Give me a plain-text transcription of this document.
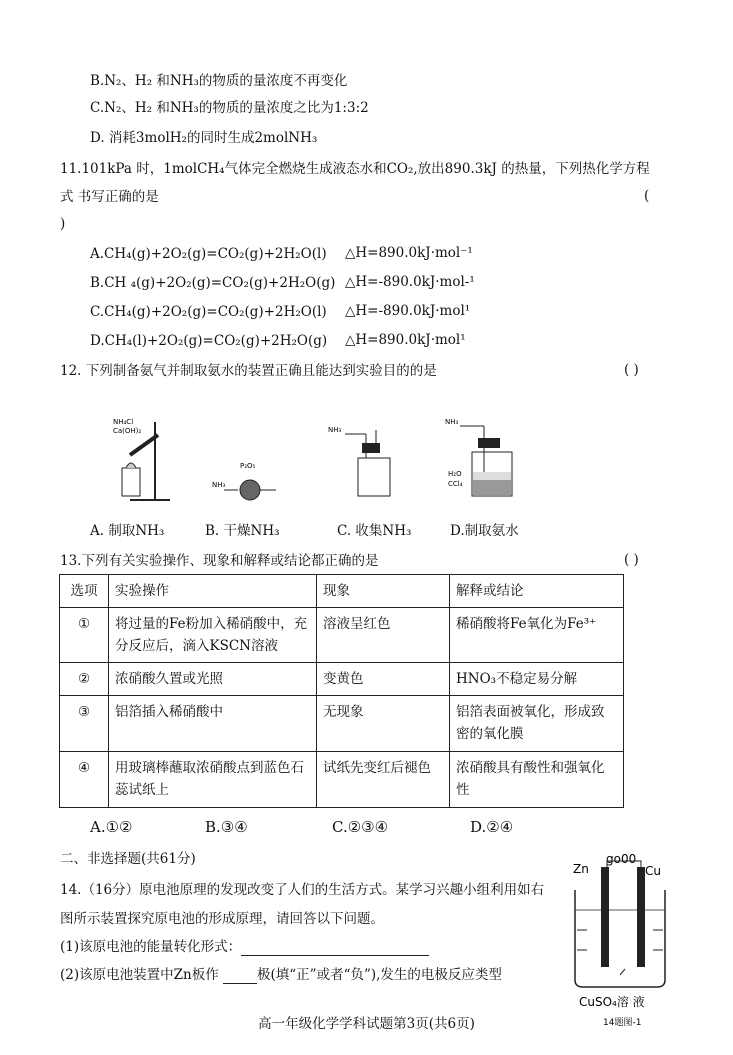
B.N₂、H₂ 和NH₃的物质的量浓度不再变化
C.N₂、H₂ 和NH₃的物质的量浓度之比为1:3:2
D. 消耗3molH₂的同时生成2molNH₃
11.101kPa 时，1molCH₄气体完全燃烧生成液态水和CO₂,放出890.3kJ 的热量，下列热化学方程
式 书写正确的是	(
)
A.CH₄(g)+2O₂(g)=CO₂(g)+2H₂O(l) △H=890.0kJ·mol⁻¹
B.CH ₄(g)+2O₂(g)=CO₂(g)+2H₂O(g) △H=-890.0kJ·mol-¹
C.CH₄(g)+2O₂(g)=CO₂(g)+2H₂O(l) △H=-890.0kJ·mol¹
D.CH₄(l)+2O₂(g)=CO₂(g)+2H₂O(g) △H=890.0kJ·mol¹
12. 下列制备氨气并制取氨水的装置正确且能达到实验目的的是	( )
NH₄Cl
Ca(OH)₂
P₂O₅
NH₃
NH₃
NH₃
H₂O
CCl₄
A. 制取NH₃	B. 干燥NH₃	C. 收集NH₃	D.制取氨水
13.下列有关实验操作、现象和解释或结论都正确的是	( )
选项	实验操作	现象	解释或结论
①	将过量的Fe粉加入稀硝酸中，充分反应后，滴入KSCN溶液	溶液呈红色	稀硝酸将Fe氧化为Fe³⁺
②	浓硝酸久置或光照	变黄色	HNO₃不稳定易分解
③	铝箔插入稀硝酸中	无现象	铝箔表面被氧化，形成致密的氧化膜
④	用玻璃棒蘸取浓硝酸点到蓝色石蕊试纸上	试纸先变红后褪色	浓硝酸具有酸性和强氧化性
A.①②	B.③④	C.②③④	D.②④
二、非选择题(共61分)
14.（16分）原电池原理的发现改变了人们的生活方式。某学习兴趣小组利用如右
图所示装置探究原电池的形成原理，请回答以下问题。
(1)该原电池的能量转化形式：
(2)该原电池装置中Zn板作	极(填“正”或者“负”),发生的电极反应类型
Zn
go00
Cu
CuSO₄溶 液
14题图-1
高一年级化学学科试题第3页(共6页)
